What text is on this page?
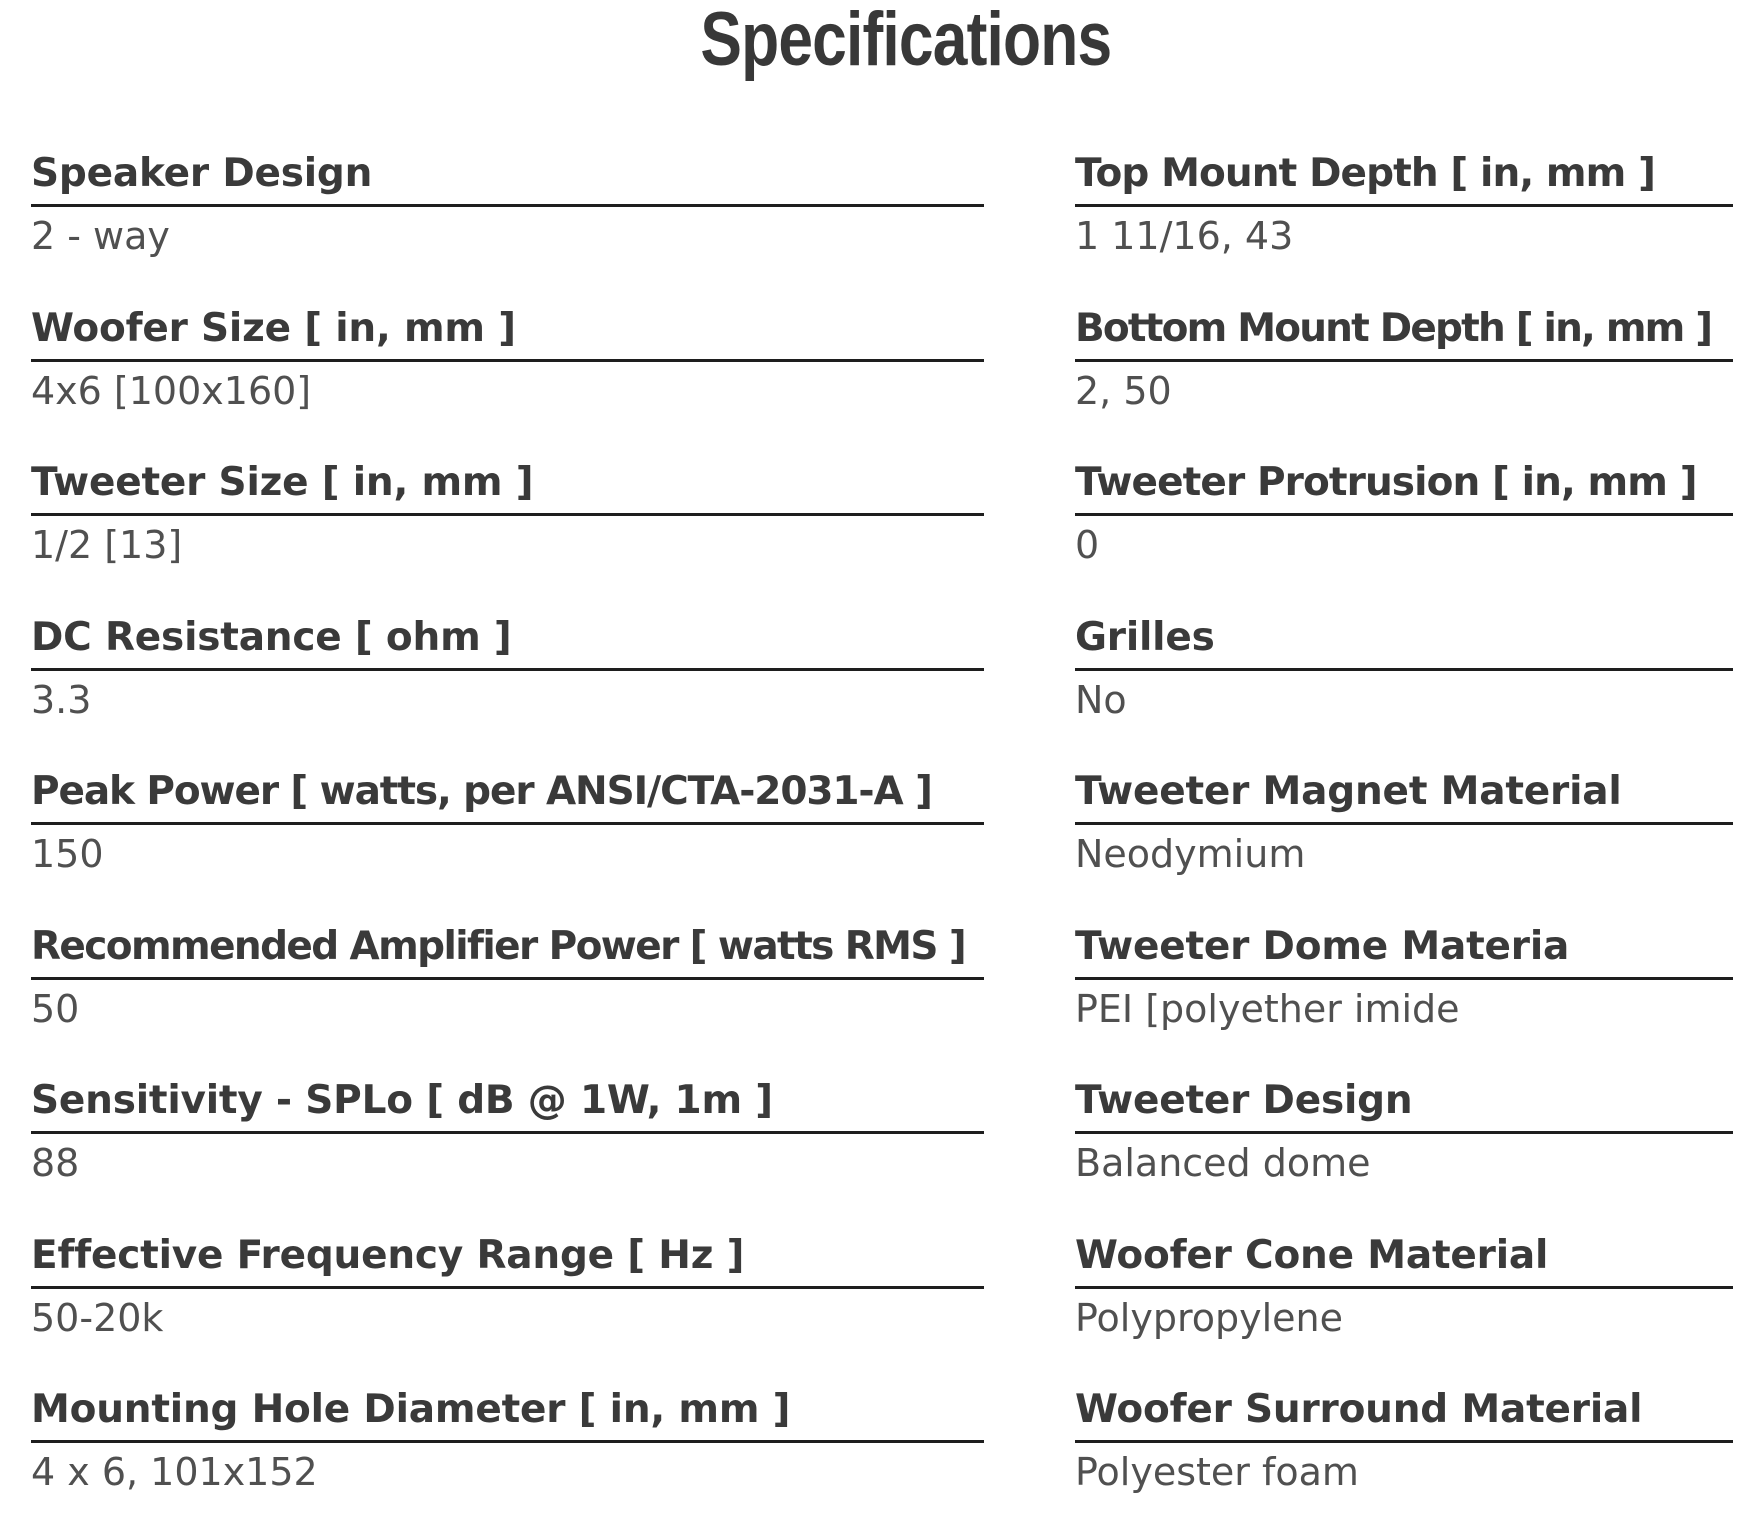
Specifications
Speaker Design
2 - way
Woofer Size [ in, mm ]
4x6 [100x160]
Tweeter Size [ in, mm ]
1/2 [13]
DC Resistance [ ohm ]
3.3
Peak Power [ watts, per ANSI/CTA-2031-A ]
150
Recommended Amplifier Power [ watts RMS ]
50
Sensitivity - SPLo [ dB @ 1W, 1m ]
88
Effective Frequency Range [ Hz ]
50-20k
Mounting Hole Diameter [ in, mm ]
4 x 6, 101x152
Top Mount Depth [ in, mm ]
1 11/16, 43
Bottom Mount Depth [ in, mm ]
2, 50
Tweeter Protrusion [ in, mm ]
0
Grilles
No
Tweeter Magnet Material
Neodymium
Tweeter Dome Materia
PEI [polyether imide
Tweeter Design
Balanced dome
Woofer Cone Material
Polypropylene
Woofer Surround Material
Polyester foam
